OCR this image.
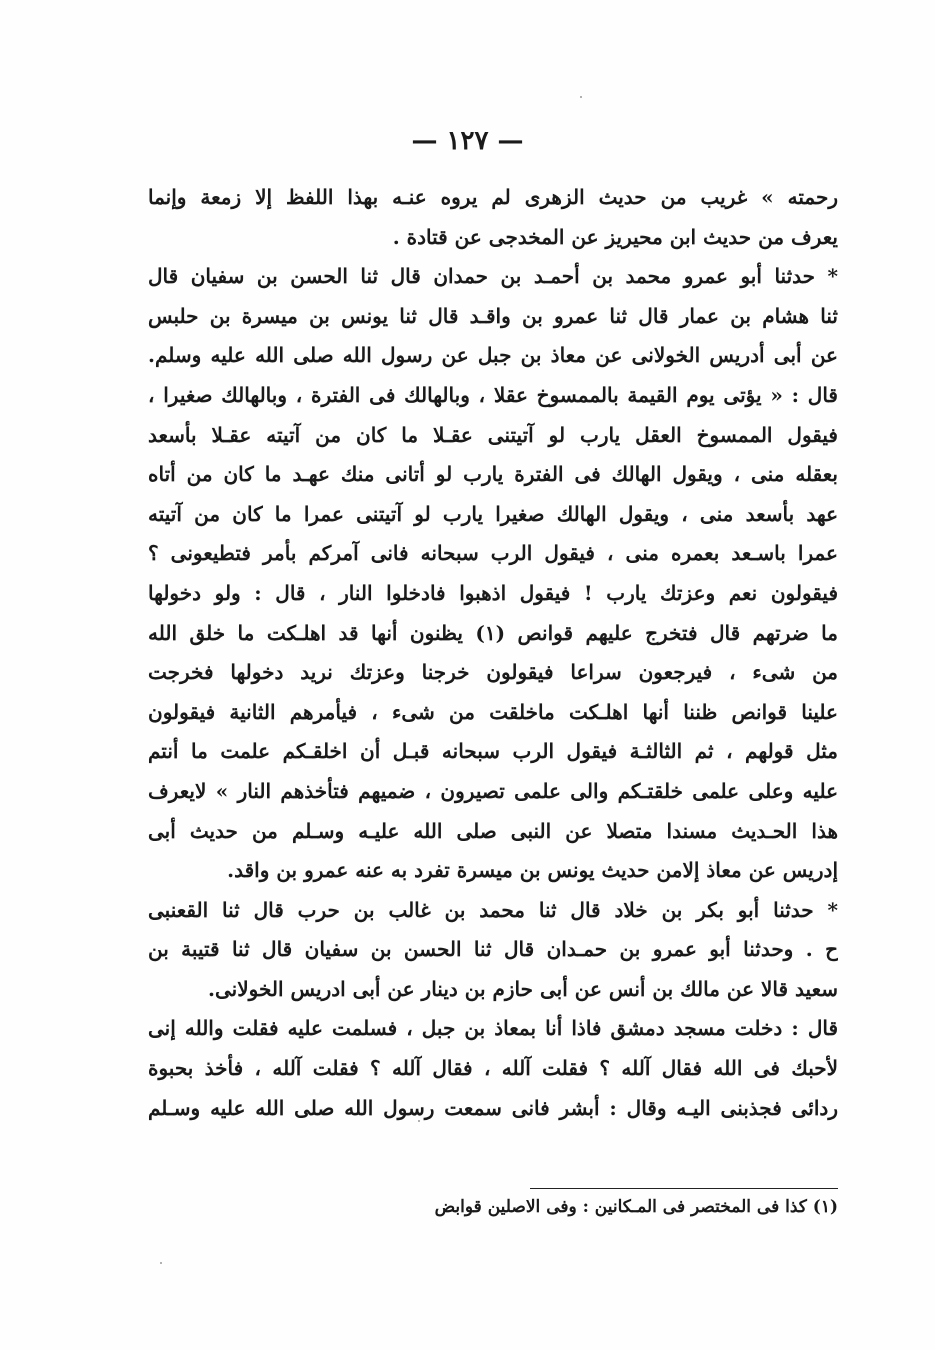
— ١٢٧ —
رحمته » غريب من حديث الزهرى لم يروه عنـه بهذا اللفظ إلا زمعة وإنما
يعرف من حديث ابن محيريز عن المخدجى عن قتادة .
* حدثنا أبو عمرو محمد بن أحمـد بن حمدان قال ثنا الحسن بن سفيان قال
ثنا هشام بن عمار قال ثنا عمرو بن واقـد قال ثنا يونس بن ميسرة بن حلبس
عن أبى أدريس الخولانى عن معاذ بن جبل عن رسول الله صلى الله عليه وسلم.
قال : « يؤتى يوم القيمة بالممسوخ عقلا ، وبالهالك فى الفترة ، وبالهالك صغيرا ،
فيقول الممسوخ العقل يارب لو آتيتنى عقـلا ما كان من آتيته عقـلا بأسعد
بعقله منى ، ويقول الهالك فى الفترة يارب لو أتانى منك عهـد ما كان من أتاه
عهد بأسعد منى ، ويقول الهالك صغيرا يارب لو آتيتنى عمرا ما كان من آتيته
عمرا باسـعد بعمره منى ، فيقول الرب سبحانه فانى آمركم بأمر فتطيعونى ؟
فيقولون نعم وعزتك يارب ! فيقول اذهبوا فادخلوا النار ، قال : ولو دخولها
ما ضرتهم قال فتخرج عليهم قوانص (١) يظنون أنها قد اهلـكت ما خلق الله
من شىء ، فيرجعون سراعا فيقولون خرجنا وعزتك نريد دخولها فخرجت
علينا قوانص ظننا أنها اهلـكت ماخلقت من شىء ، فيأمرهم الثانية فيقولون
مثل قولهم ، ثم الثالثـة فيقول الرب سبحانه قبـل أن اخلقـكم علمت ما أنتم
عليه وعلى علمى خلقتـكم والى علمى تصيرون ، ضميهم فتأخذهم النار » لايعرف
هذا الحـديث مسندا متصلا عن النبى صلى الله عليـه وسـلم من حديث أبى
إدريس عن معاذ إلامن حديث يونس بن ميسرة تفرد به عنه عمرو بن واقد.
* حدثنا أبو بكر بن خلاد قال ثنا محمد بن غالب بن حرب قال ثنا القعنبى
ح . وحدثنا أبو عمرو بن حمـدان قال ثنا الحسن بن سفيان قال ثنا قتيبة بن
سعيد قالا عن مالك بن أنس عن أبى حازم بن دينار عن أبى ادريس الخولانى.
قال : دخلت مسجد دمشق فاذا أنا بمعاذ بن جبل ، فسلمت عليه فقلت والله إنى
لأحبك فى الله فقال آلله ؟ فقلت آلله ، فقال آلله ؟ فقلت آلله ، فأخذ بحبوة
ردائى فجذبنى اليـه وقال : أبشر فانى سمعت رسول الله صلى الله عليه وسـلم
(١) كذا فى المختصر فى المـكانين : وفى الاصلين قوابض
